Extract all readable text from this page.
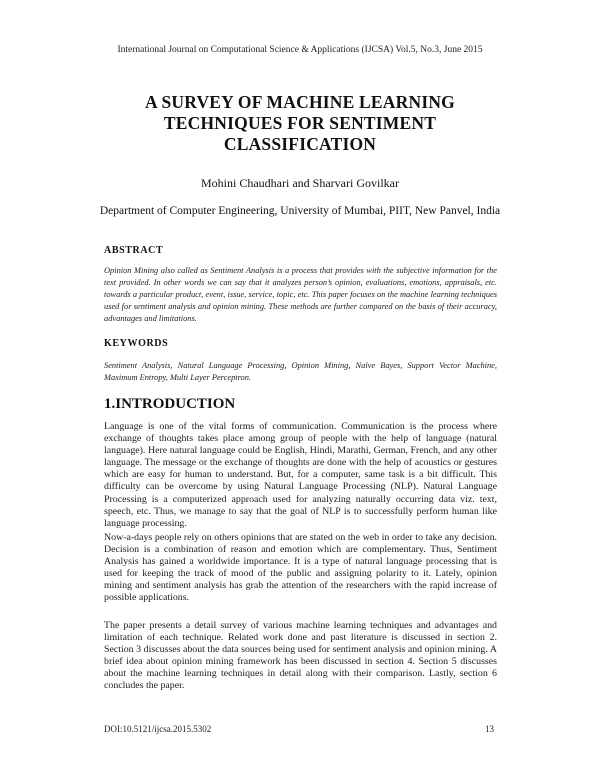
International Journal on Computational Science & Applications (IJCSA) Vol.5, No.3, June 2015
A SURVEY OF MACHINE LEARNING
TECHNIQUES FOR SENTIMENT
CLASSIFICATION
Mohini Chaudhari and Sharvari Govilkar
Department of Computer Engineering, University of Mumbai, PIIT, New Panvel, India
ABSTRACT
Opinion Mining also called as Sentiment Analysis is a process that provides with the subjective information for the text provided. In other words we can say that it analyzes person’s opinion, evaluations, emotions, appraisals, etc. towards a particular product, event, issue, service, topic, etc. This paper focuses on the machine learning techniques used for sentiment analysis and opinion mining. These methods are further compared on the basis of their accuracy, advantages and limitations.
KEYWORDS
Sentiment Analysis, Natural Language Processing, Opinion Mining, Naïve Bayes, Support Vector Machine, Maximum Entropy, Multi Layer Perceptron.
1.INTRODUCTION
Language is one of the vital forms of communication. Communication is the process where exchange of thoughts takes place among group of people with the help of language (natural language). Here natural language could be English, Hindi, Marathi, German, French, and any other language. The message or the exchange of thoughts are done with the help of acoustics or gestures which are easy for human to understand. But, for a computer, same task is a bit difficult. This difficulty can be overcome by using Natural Language Processing (NLP). Natural Language Processing is a computerized approach used for analyzing naturally occurring data viz. text, speech, etc. Thus, we manage to say that the goal of NLP is to successfully perform human like language processing.
Now-a-days people rely on others opinions that are stated on the web in order to take any decision. Decision is a combination of reason and emotion which are complementary. Thus, Sentiment Analysis has gained a worldwide importance. It is a type of natural language processing that is used for keeping the track of mood of the public and assigning polarity to it. Lately, opinion mining and sentiment analysis has grab the attention of the researchers with the rapid increase of possible applications.
The paper presents a detail survey of various machine learning techniques and advantages and limitation of each technique. Related work done and past literature is discussed in section 2. Section 3 discusses about the data sources being used for sentiment analysis and opinion mining. A brief idea about opinion mining framework has been discussed in section 4. Section 5 discusses about the machine learning techniques in detail along with their comparison. Lastly, section 6 concludes the paper.
DOI:10.5121/ijcsa.2015.5302	13
